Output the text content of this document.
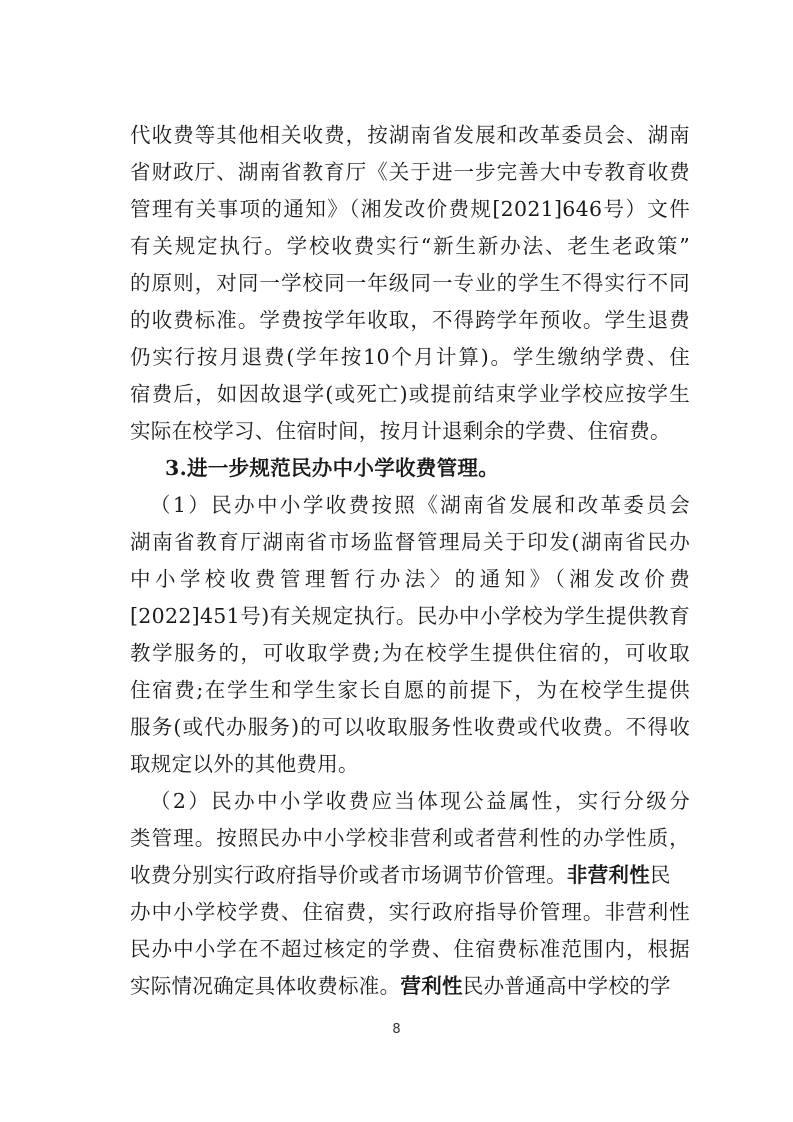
代收费等其他相关收费，按湖南省发展和改革委员会、湖南
省财政厅、湖南省教育厅《关于进一步完善大中专教育收费
管理有关事项的通知》（湘发改价费规[2021]646号）文件
有关规定执行。学校收费实行“新生新办法、老生老政策”
的原则，对同一学校同一年级同一专业的学生不得实行不同
的收费标准。学费按学年收取，不得跨学年预收。学生退费
仍实行按月退费(学年按10个月计算)。学生缴纳学费、住
宿费后，如因故退学(或死亡)或提前结束学业学校应按学生
实际在校学习、住宿时间，按月计退剩余的学费、住宿费。
3.进一步规范民办中小学收费管理。
（1）民办中小学收费按照《湖南省发展和改革委员会
湖南省教育厅湖南省市场监督管理局关于印发(湖南省民办
中小学校收费管理暂行办法〉的通知》（湘发改价费
[2022]451号)有关规定执行。民办中小学校为学生提供教育
教学服务的，可收取学费;为在校学生提供住宿的，可收取
住宿费;在学生和学生家长自愿的前提下，为在校学生提供
服务(或代办服务)的可以收取服务性收费或代收费。不得收
取规定以外的其他费用。
（2）民办中小学收费应当体现公益属性，实行分级分
类管理。按照民办中小学校非营利或者营利性的办学性质，
收费分别实行政府指导价或者市场调节价管理。非营利性民
办中小学校学费、住宿费，实行政府指导价管理。非营利性
民办中小学在不超过核定的学费、住宿费标准范围内，根据
实际情况确定具体收费标准。营利性民办普通高中学校的学
8
